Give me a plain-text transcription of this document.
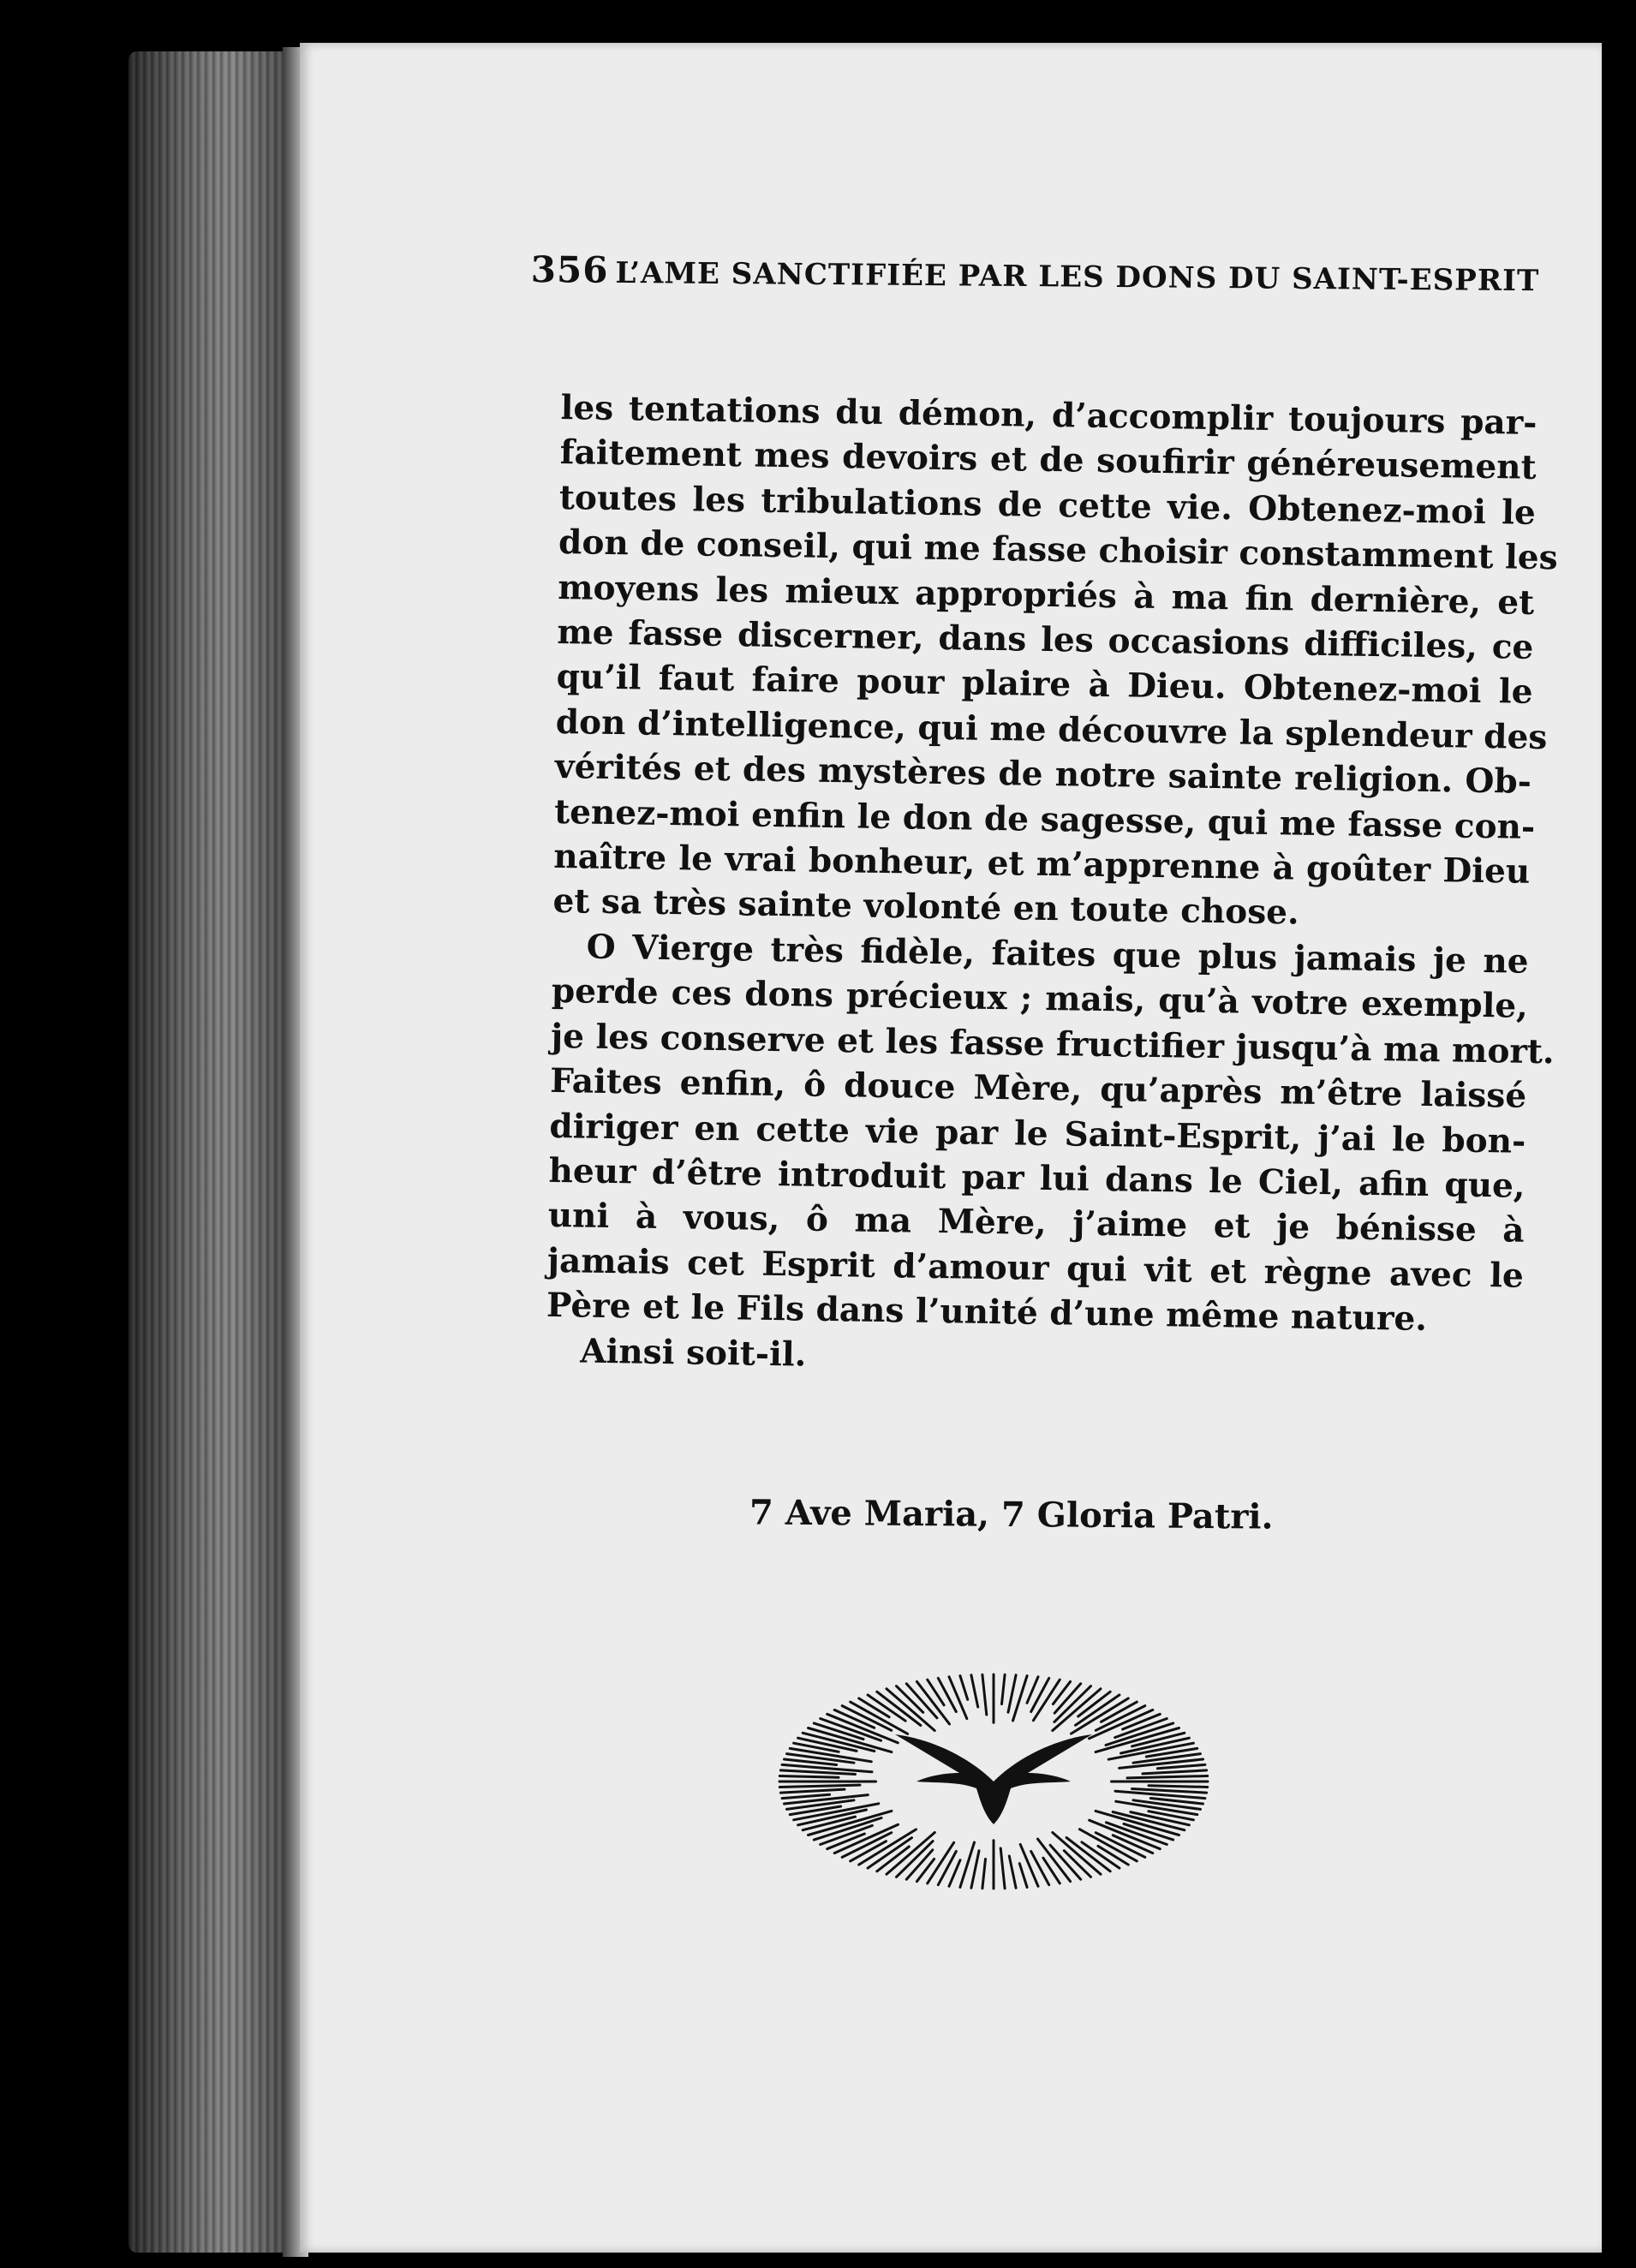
356 L’AME SANCTIFIÉE PAR LES DONS DU SAINT-ESPRIT
les tentations du démon, d’accomplir toujours par-
faitement mes devoirs et de soufirir généreusement
toutes les tribulations de cette vie. Obtenez-moi le
don de conseil, qui me fasse choisir constamment les
moyens les mieux appropriés à ma fin dernière, et
me fasse discerner, dans les occasions difficiles, ce
qu’il faut faire pour plaire à Dieu. Obtenez-moi le
don d’intelligence, qui me découvre la splendeur des
vérités et des mystères de notre sainte religion. Ob-
tenez-moi enfin le don de sagesse, qui me fasse con-
naître le vrai bonheur, et m’apprenne à goûter Dieu
et sa très sainte volonté en toute chose.
O Vierge très fidèle, faites que plus jamais je ne
perde ces dons précieux ; mais, qu’à votre exemple,
je les conserve et les fasse fructifier jusqu’à ma mort.
Faites enfin, ô douce Mère, qu’après m’être laissé
diriger en cette vie par le Saint-Esprit, j’ai le bon-
heur d’être introduit par lui dans le Ciel, afin que,
uni à vous, ô ma Mère, j’aime et je bénisse à
jamais cet Esprit d’amour qui vit et règne avec le
Père et le Fils dans l’unité d’une même nature.
Ainsi soit-il.
7 Ave Maria, 7 Gloria Patri.
